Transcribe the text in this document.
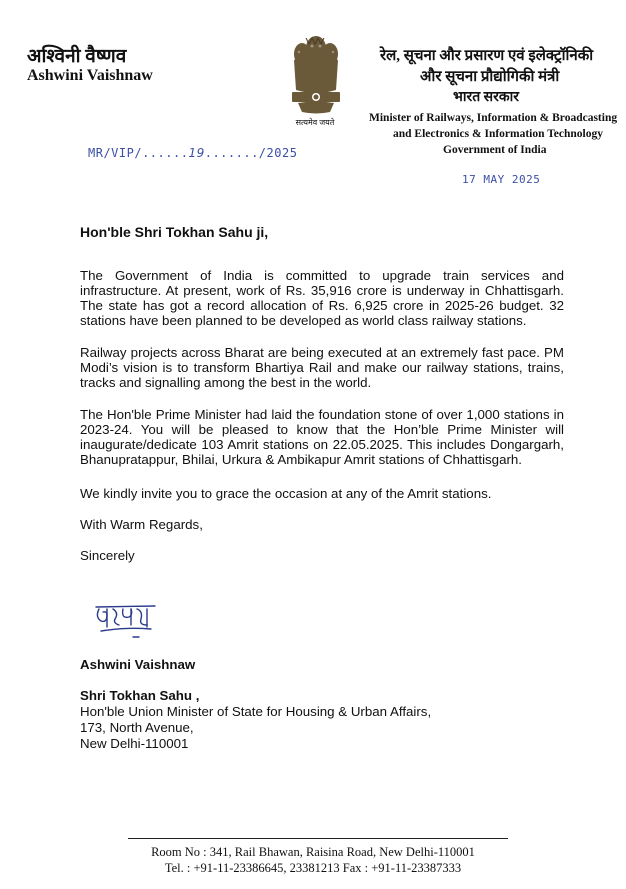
अश्विनी वैष्णव
Ashwini Vaishnaw
सत्यमेव जयते
रेल, सूचना और प्रसारण एवं इलेक्ट्रॉनिकी
और सूचना प्रौद्योगिकी मंत्री
भारत सरकार
Minister of Railways, Information & Broadcasting
and Electronics & Information Technology
Government of India
MR/VIP/......19......./2025
17 MAY 2025
Hon'ble Shri Tokhan Sahu ji,
The Government of India is committed to upgrade train services and infrastructure. At present, work of Rs. 35,916 crore is underway in Chhattisgarh. The state has got a record allocation of Rs. 6,925 crore in 2025-26 budget. 32 stations have been planned to be developed as world class railway stations.
Railway projects across Bharat are being executed at an extremely fast pace. PM Modi’s vision is to transform Bhartiya Rail and make our railway stations, trains, tracks and signalling among the best in the world.
The Hon'ble Prime Minister had laid the foundation stone of over 1,000 stations in 2023-24. You will be pleased to know that the Hon’ble Prime Minister will inaugurate/dedicate 103 Amrit stations on 22.05.2025. This includes Dongargarh, Bhanupratappur, Bhilai, Urkura & Ambikapur Amrit stations of Chhattisgarh.
We kindly invite you to grace the occasion at any of the Amrit stations.
With Warm Regards,
Sincerely
Ashwini Vaishnaw
Shri Tokhan Sahu ,
Hon'ble Union Minister of State for Housing & Urban Affairs,
173, North Avenue,
New Delhi-110001
Room No : 341, Rail Bhawan, Raisina Road, New Delhi-110001
Tel. : +91-11-23386645, 23381213 Fax : +91-11-23387333
